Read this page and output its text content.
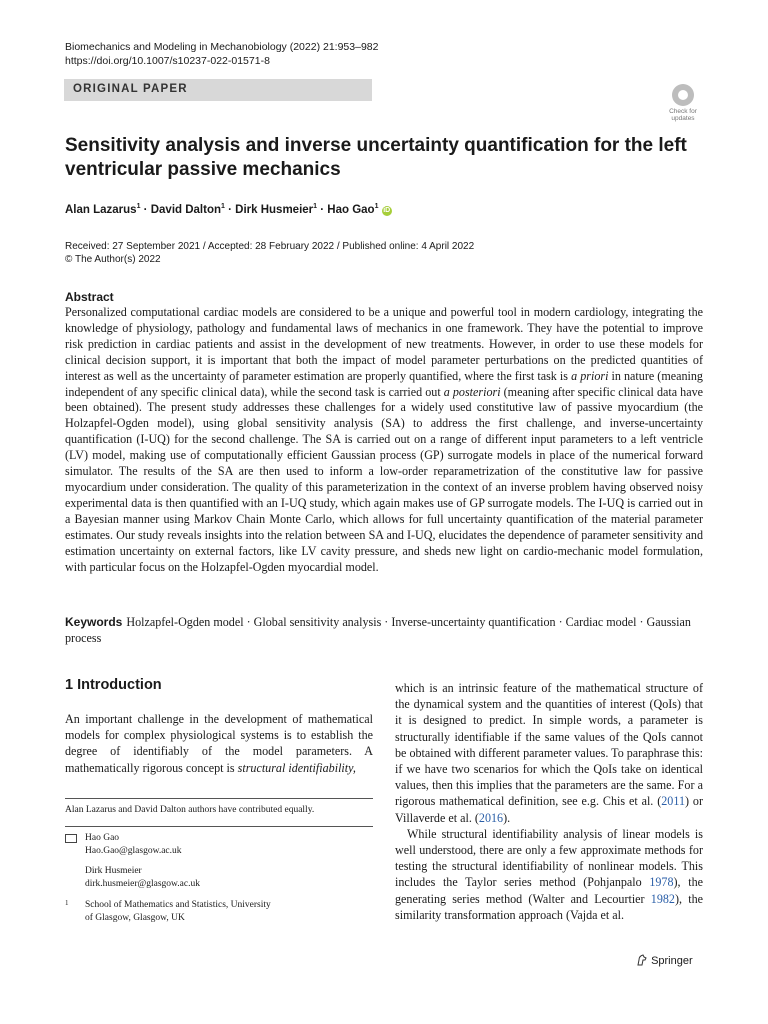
Biomechanics and Modeling in Mechanobiology (2022) 21:953–982
https://doi.org/10.1007/s10237-022-01571-8
ORIGINAL PAPER
Check for
updates
Sensitivity analysis and inverse uncertainty quantification for the left ventricular passive mechanics
Alan Lazarus$^1$ · David Dalton$^1$ · Dirk Husmeier$^1$ · Hao Gao$^1$ iD
Received: 27 September 2021 / Accepted: 28 February 2022 / Published online: 4 April 2022
© The Author(s) 2022
Abstract
Personalized computational cardiac models are considered to be a unique and powerful tool in modern cardiology, integrating the knowledge of physiology, pathology and fundamental laws of mechanics in one framework. They have the potential to improve risk prediction in cardiac patients and assist in the development of new treatments. However, in order to use these models for clinical decision support, it is important that both the impact of model parameter perturbations on the predicted quantities of interest as well as the uncertainty of parameter estimation are properly quantified, where the first task is a priori in nature (meaning independent of any specific clinical data), while the second task is carried out a posteriori (meaning after specific clinical data have been obtained). The present study addresses these challenges for a widely used constitutive law of passive myocardium (the Holzapfel-Ogden model), using global sensitivity analysis (SA) to address the first challenge, and inverse-uncertainty quantification (I-UQ) for the second challenge. The SA is carried out on a range of different input parameters to a left ventricle (LV) model, making use of computationally efficient Gaussian process (GP) surrogate models in place of the numerical forward simulator. The results of the SA are then used to inform a low-order reparametrization of the constitutive law for passive myocardium under consideration. The quality of this parameterization in the context of an inverse problem having observed noisy experimental data is then quantified with an I-UQ study, which again makes use of GP surrogate models. The I-UQ is carried out in a Bayesian manner using Markov Chain Monte Carlo, which allows for full uncertainty quantification of the material parameter estimates. Our study reveals insights into the relation between SA and I-UQ, elucidates the dependence of parameter sensitivity and estimation uncertainty on external factors, like LV cavity pressure, and sheds new light on cardio-mechanic model formulation, with particular focus on the Holzapfel-Ogden myocardial model.
Keywords Holzapfel-Ogden model · Global sensitivity analysis · Inverse-uncertainty quantification · Cardiac model · Gaussian process
1 Introduction
An important challenge in the development of mathematical models for complex physiological systems is to establish the degree of identifiably of the model parameters. A mathematically rigorous concept is structural identifiability,
Alan Lazarus and David Dalton authors have contributed equally.
Hao Gao
Hao.Gao@glasgow.ac.uk
Dirk Husmeier
dirk.husmeier@glasgow.ac.uk
1 School of Mathematics and Statistics, University
of Glasgow, Glasgow, UK

which is an intrinsic feature of the mathematical structure of the dynamical system and the quantities of interest (QoIs) that it is designed to predict. In simple words, a parameter is structurally identifiable if the same values of the QoIs cannot be obtained with different parameter values. To paraphrase this: if we have two scenarios for which the QoIs take on identical values, then this implies that the parameters are the same. For a rigorous mathematical definition, see e.g. Chis et al. (2011) or Villaverde et al. (2016).

While structural identifiability analysis of linear models is well understood, there are only a few approximate methods for testing the structural identifiability of nonlinear models. This includes the Taylor series method (Pohjanpalo 1978), the generating series method (Walter and Lecourtier 1982), the similarity transformation approach (Vajda et al.

Springer
